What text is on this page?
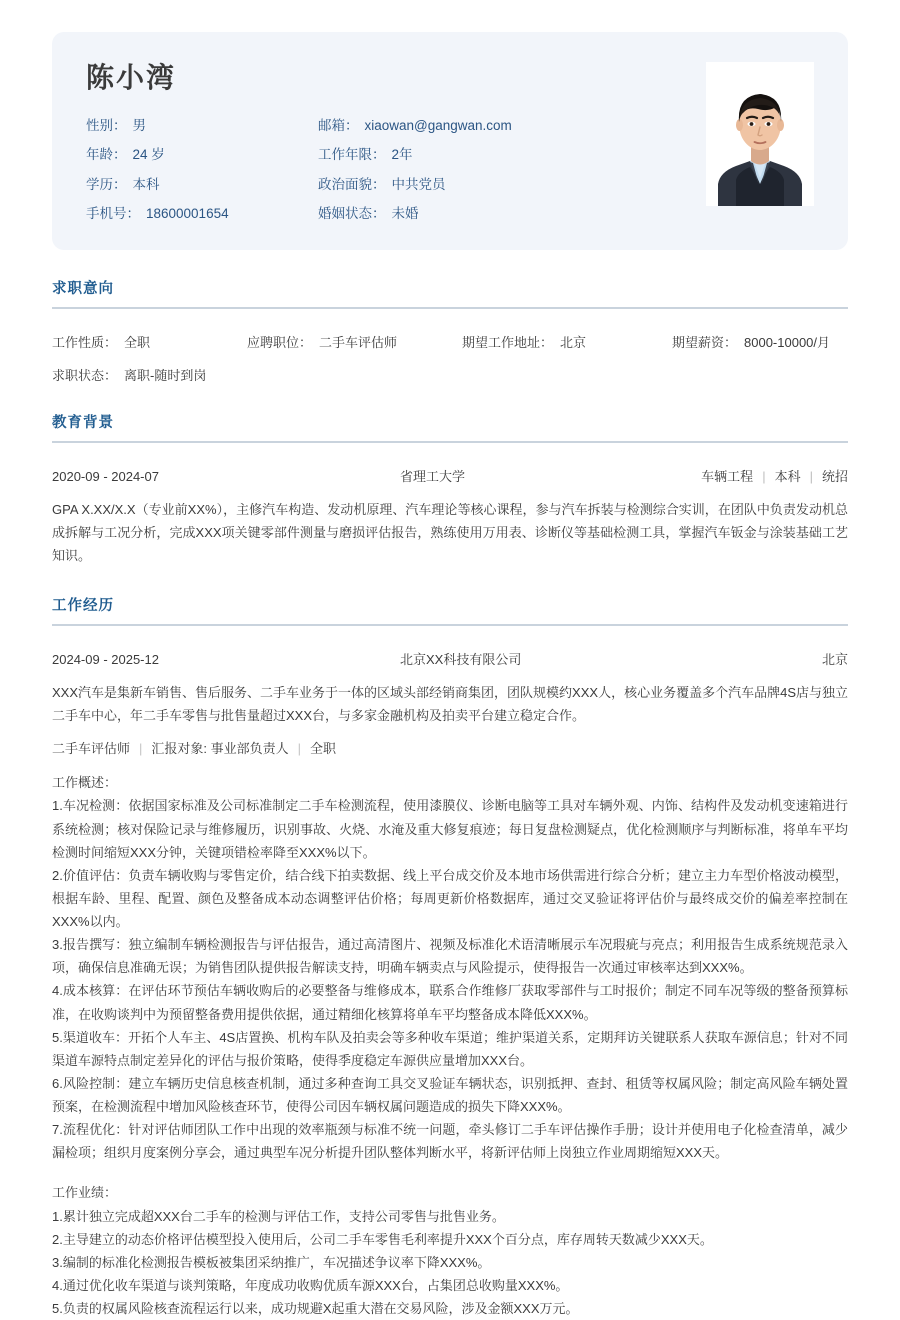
陈小湾
性别： 男	邮箱： xiaowan@gangwan.com
年龄： 24 岁	工作年限： 2年
学历： 本科	政治面貌： 中共党员
手机号： 18600001654	婚姻状态： 未婚
求职意向
工作性质： 全职	应聘职位： 二手车评估师	期望工作地址： 北京	期望薪资： 8000-10000/月
求职状态： 离职-随时到岗
教育背景
2020-09 - 2024-07	省理工大学	车辆工程 | 本科 | 统招

GPA X.XX/X.X（专业前XX%），主修汽车构造、发动机原理、汽车理论等核心课程，参与汽车拆装与检测综合实训，在团队中负责发动机总成拆解与工况分析，完成XXX项关键零部件测量与磨损评估报告，熟练使用万用表、诊断仪等基础检测工具，掌握汽车钣金与涂装基础工艺知识。

工作经历
2024-09 - 2025-12	北京XX科技有限公司	北京

XXX汽车是集新车销售、售后服务、二手车业务于一体的区域头部经销商集团，团队规模约XXX人，核心业务覆盖多个汽车品牌4S店与独立二手车中心，年二手车零售与批售量超过XXX台，与多家金融机构及拍卖平台建立稳定合作。

二手车评估师 | 汇报对象: 事业部负责人 | 全职
工作概述：

1.车况检测：依据国家标准及公司标准制定二手车检测流程，使用漆膜仪、诊断电脑等工具对车辆外观、内饰、结构件及发动机变速箱进行系统检测；核对保险记录与维修履历，识别事故、火烧、水淹及重大修复痕迹；每日复盘检测疑点，优化检测顺序与判断标准，将单车平均检测时间缩短XXX分钟，关键项错检率降至XXX%以下。

2.价值评估：负责车辆收购与零售定价，结合线下拍卖数据、线上平台成交价及本地市场供需进行综合分析；建立主力车型价格波动模型，根据车龄、里程、配置、颜色及整备成本动态调整评估价格；每周更新价格数据库，通过交叉验证将评估价与最终成交价的偏差率控制在XXX%以内。

3.报告撰写：独立编制车辆检测报告与评估报告，通过高清图片、视频及标准化术语清晰展示车况瑕疵与亮点；利用报告生成系统规范录入项，确保信息准确无误；为销售团队提供报告解读支持，明确车辆卖点与风险提示，使得报告一次通过审核率达到XXX%。

4.成本核算：在评估环节预估车辆收购后的必要整备与维修成本，联系合作维修厂获取零部件与工时报价；制定不同车况等级的整备预算标准，在收购谈判中为预留整备费用提供依据，通过精细化核算将单车平均整备成本降低XXX%。

5.渠道收车：开拓个人车主、4S店置换、机构车队及拍卖会等多种收车渠道；维护渠道关系，定期拜访关键联系人获取车源信息；针对不同渠道车源特点制定差异化的评估与报价策略，使得季度稳定车源供应量增加XXX台。

6.风险控制：建立车辆历史信息核查机制，通过多种查询工具交叉验证车辆状态，识别抵押、查封、租赁等权属风险；制定高风险车辆处置预案，在检测流程中增加风险核查环节，使得公司因车辆权属问题造成的损失下降XXX%。

7.流程优化：针对评估师团队工作中出现的效率瓶颈与标准不统一问题，牵头修订二手车评估操作手册；设计并使用电子化检查清单，减少漏检项；组织月度案例分享会，通过典型车况分析提升团队整体判断水平，将新评估师上岗独立作业周期缩短XXX天。

工作业绩：

1.累计独立完成超XXX台二手车的检测与评估工作，支持公司零售与批售业务。

2.主导建立的动态价格评估模型投入使用后，公司二手车零售毛利率提升XXX个百分点，库存周转天数减少XXX天。

3.编制的标准化检测报告模板被集团采纳推广，车况描述争议率下降XXX%。

4.通过优化收车渠道与谈判策略，年度成功收购优质车源XXX台，占集团总收购量XXX%。

5.负责的权属风险核查流程运行以来，成功规避X起重大潜在交易风险，涉及金额XXX万元。
